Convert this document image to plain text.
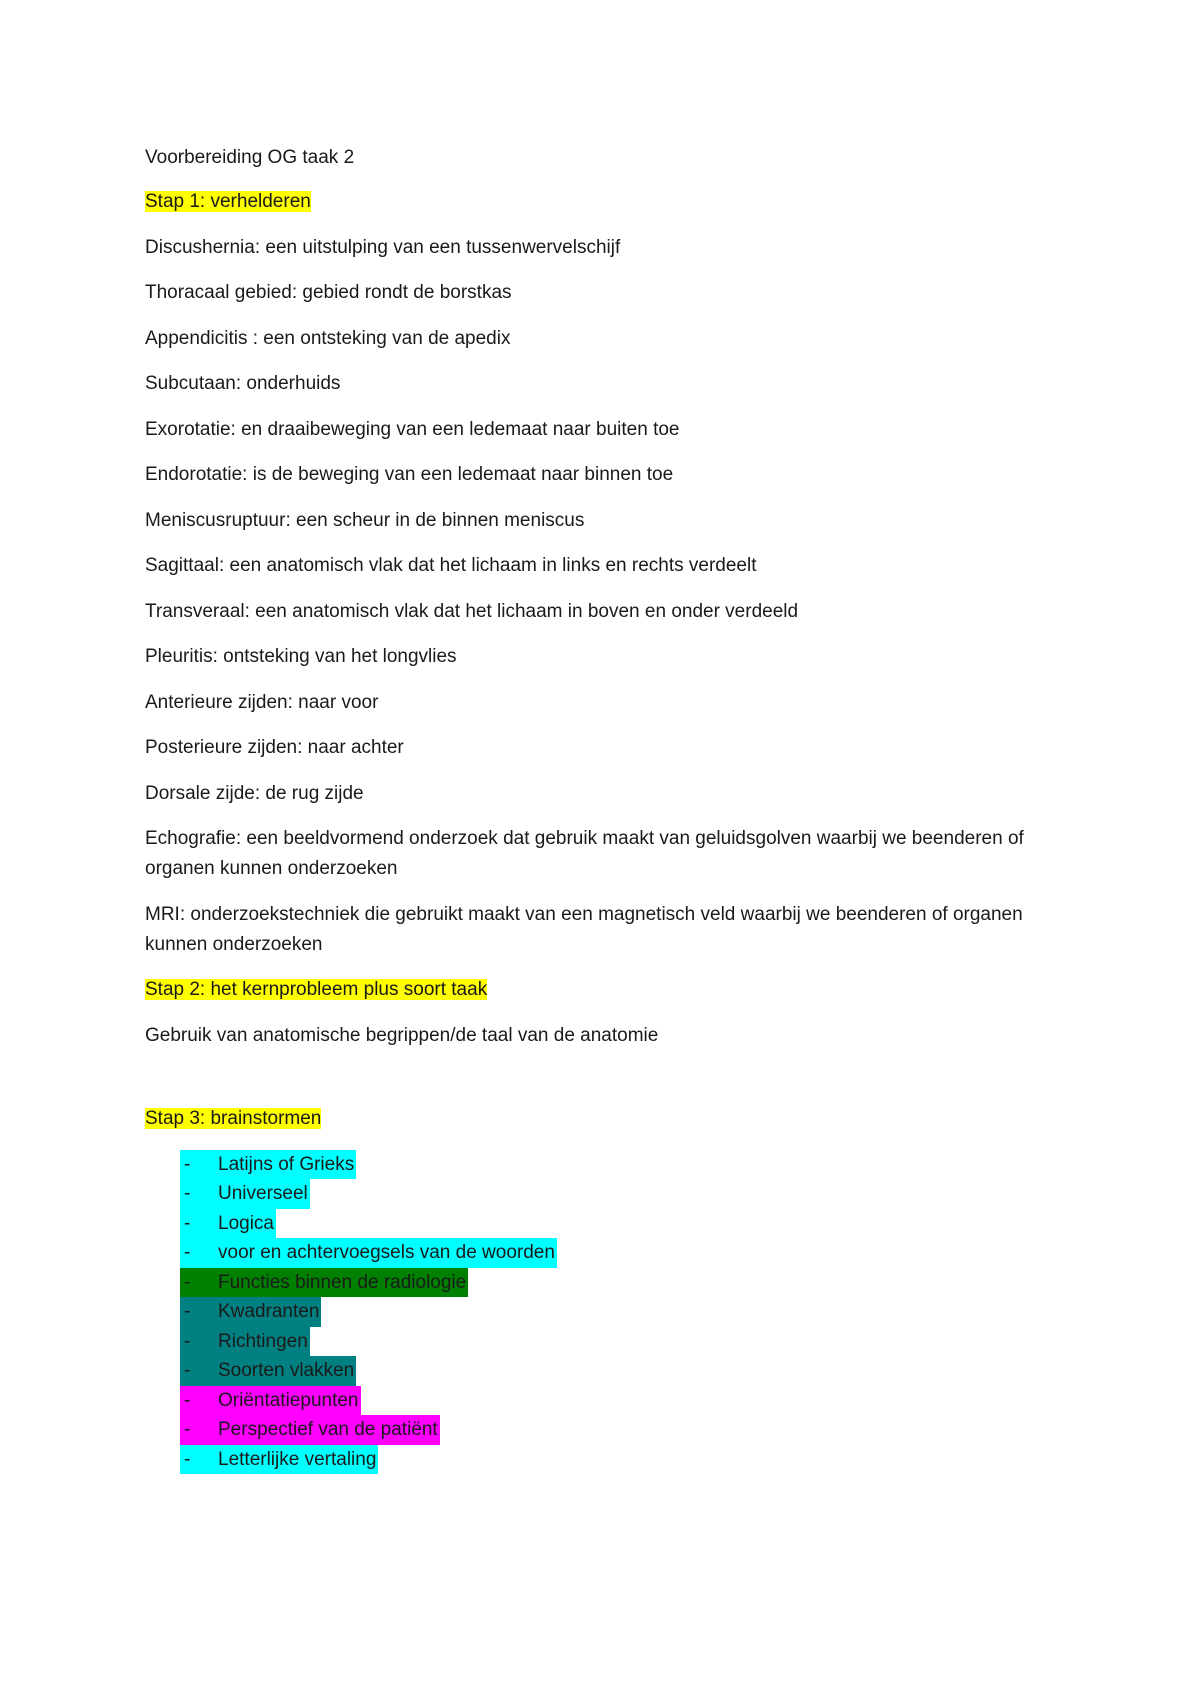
Voorbereiding OG taak 2

Stap 1: verhelderen

Discushernia: een uitstulping van een tussenwervelschijf

Thoracaal gebied: gebied rondt de borstkas

Appendicitis : een ontsteking van de apedix

Subcutaan: onderhuids

Exorotatie: en draaibeweging van een ledemaat naar buiten toe

Endorotatie: is de beweging van een ledemaat naar binnen toe

Meniscusruptuur: een scheur in de binnen meniscus

Sagittaal: een anatomisch vlak dat het lichaam in links en rechts verdeelt

Transveraal: een anatomisch vlak dat het lichaam in boven en onder verdeeld

Pleuritis: ontsteking van het longvlies

Anterieure zijden: naar voor

Posterieure zijden: naar achter

Dorsale zijde: de rug zijde

Echografie: een beeldvormend onderzoek dat gebruik maakt van geluidsgolven waarbij we beenderen of organen kunnen onderzoeken

MRI: onderzoekstechniek die gebruikt maakt van een magnetisch veld waarbij we beenderen of organen kunnen onderzoeken

Stap 2: het kernprobleem plus soort taak

Gebruik van anatomische begrippen/de taal van de anatomie

Stap 3: brainstormen

- Latijns of Grieks
- Universeel
- Logica
- voor en achtervoegsels van de woorden
- Functies binnen de radiologie
- Kwadranten
- Richtingen
- Soorten vlakken
- Oriëntatiepunten
- Perspectief van de patiënt
- Letterlijke vertaling
